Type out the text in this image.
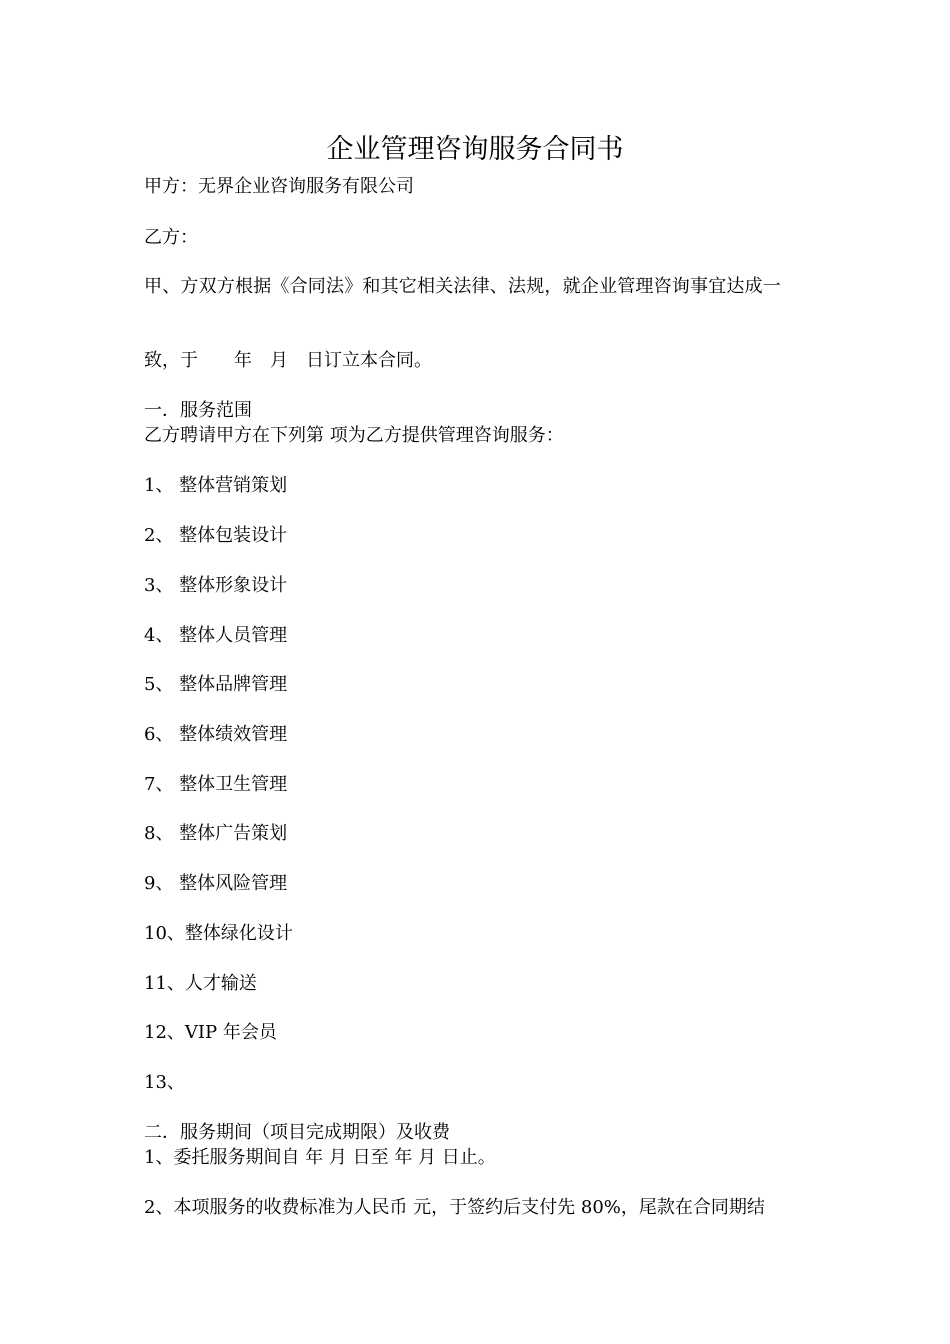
企业管理咨询服务合同书
甲方：无界企业咨询服务有限公司
乙方：
甲、方双方根据《合同法》和其它相关法律、法规，就企业管理咨询事宜达成一
致，于　　年　月　日订立本合同。
一．服务范围
乙方聘请甲方在下列第 项为乙方提供管理咨询服务：
1、 整体营销策划
2、 整体包装设计
3、 整体形象设计
4、 整体人员管理
5、 整体品牌管理
6、 整体绩效管理
7、 整体卫生管理
8、 整体广告策划
9、 整体风险管理
10、整体绿化设计
11、人才输送
12、VIP 年会员
13、
二．服务期间（项目完成期限）及收费
1、委托服务期间自 年 月 日至 年 月 日止。
2、本项服务的收费标准为人民币 元，于签约后支付先 80%，尾款在合同期结
